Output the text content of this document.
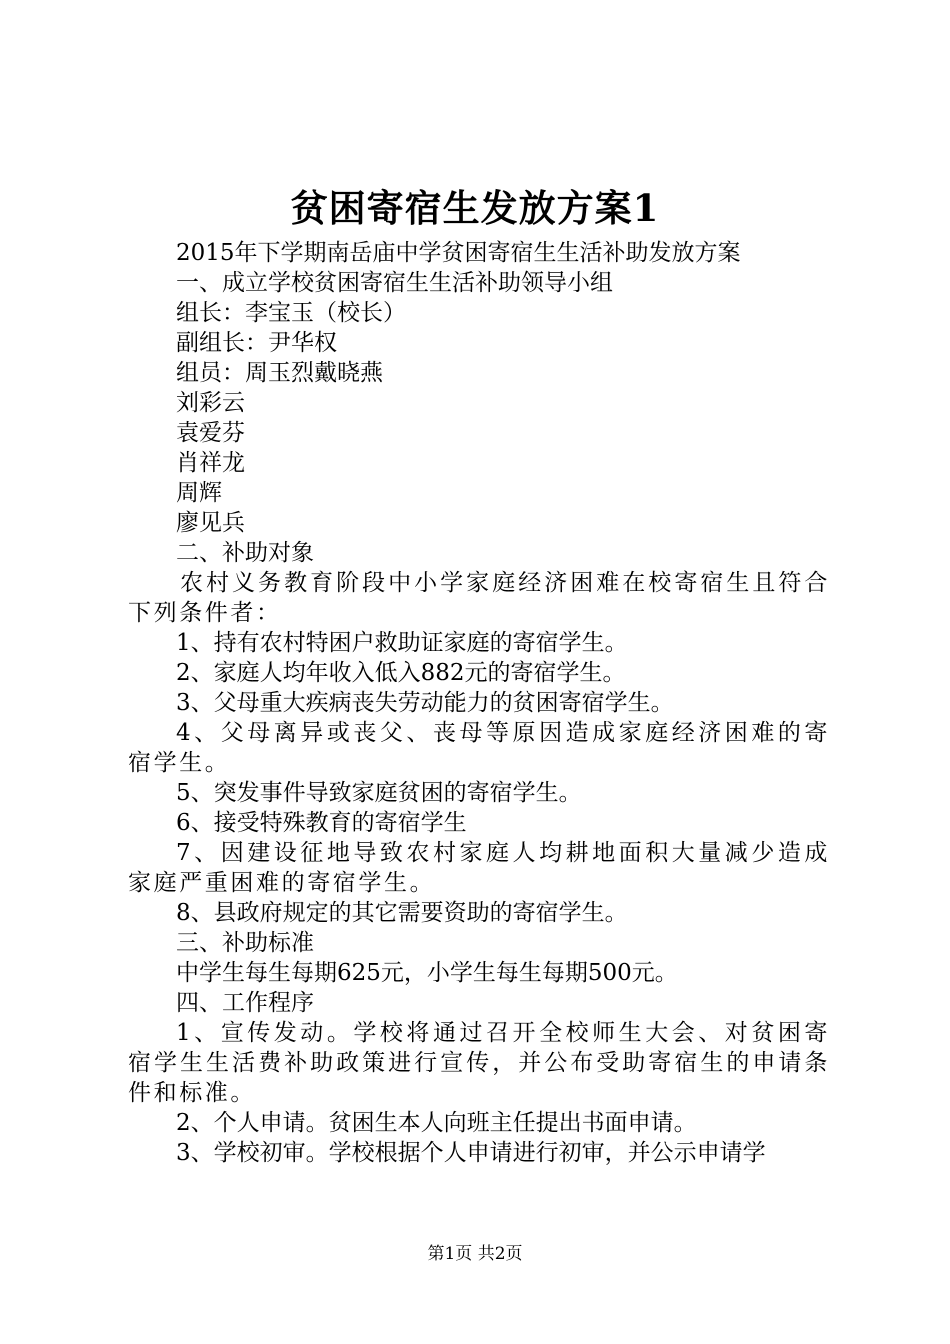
贫困寄宿生发放方案1

2015年下学期南岳庙中学贫困寄宿生生活补助发放方案

一、成立学校贫困寄宿生生活补助领导小组

组长：李宝玉（校长）

副组长：尹华权

组员：周玉烈戴晓燕

刘彩云

袁爱芬

肖祥龙

周辉

廖见兵

二、补助对象

农村义务教育阶段中小学家庭经济困难在校寄宿生且符合下列条件者：

1、持有农村特困户救助证家庭的寄宿学生。

2、家庭人均年收入低入882元的寄宿学生。

3、父母重大疾病丧失劳动能力的贫困寄宿学生。

4、父母离异或丧父、丧母等原因造成家庭经济困难的寄宿学生。

5、突发事件导致家庭贫困的寄宿学生。

6、接受特殊教育的寄宿学生

7、因建设征地导致农村家庭人均耕地面积大量减少造成家庭严重困难的寄宿学生。

8、县政府规定的其它需要资助的寄宿学生。

三、补助标准

中学生每生每期625元，小学生每生每期500元。

四、工作程序

1、宣传发动。学校将通过召开全校师生大会、对贫困寄宿学生生活费补助政策进行宣传，并公布受助寄宿生的申请条件和标准。

2、个人申请。贫困生本人向班主任提出书面申请。

3、学校初审。学校根据个人申请进行初审，并公示申请学

第1页 共2页
